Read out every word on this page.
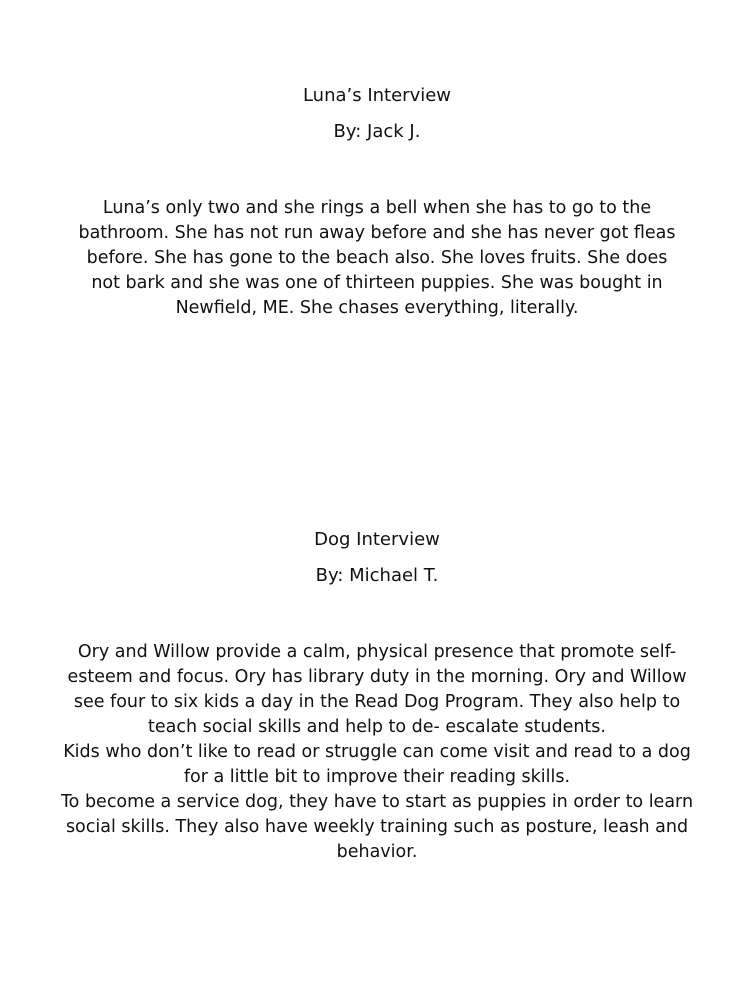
Luna’s Interview

By: Jack J.

Luna’s only two and she rings a bell when she has to go to the bathroom. She has not run away before and she has never got fleas before. She has gone to the beach also. She loves fruits. She does not bark and she was one of thirteen puppies. She was bought in Newfield, ME. She chases everything, literally.

Dog Interview

By: Michael T.

Ory and Willow provide a calm, physical presence that promote self-esteem and focus. Ory has library duty in the morning. Ory and Willow see four to six kids a day in the Read Dog Program. They also help to teach social skills and help to de- escalate students.
Kids who don’t like to read or struggle can come visit and read to a dog for a little bit to improve their reading skills.
To become a service dog, they have to start as puppies in order to learn social skills. They also have weekly training such as posture, leash and behavior.
